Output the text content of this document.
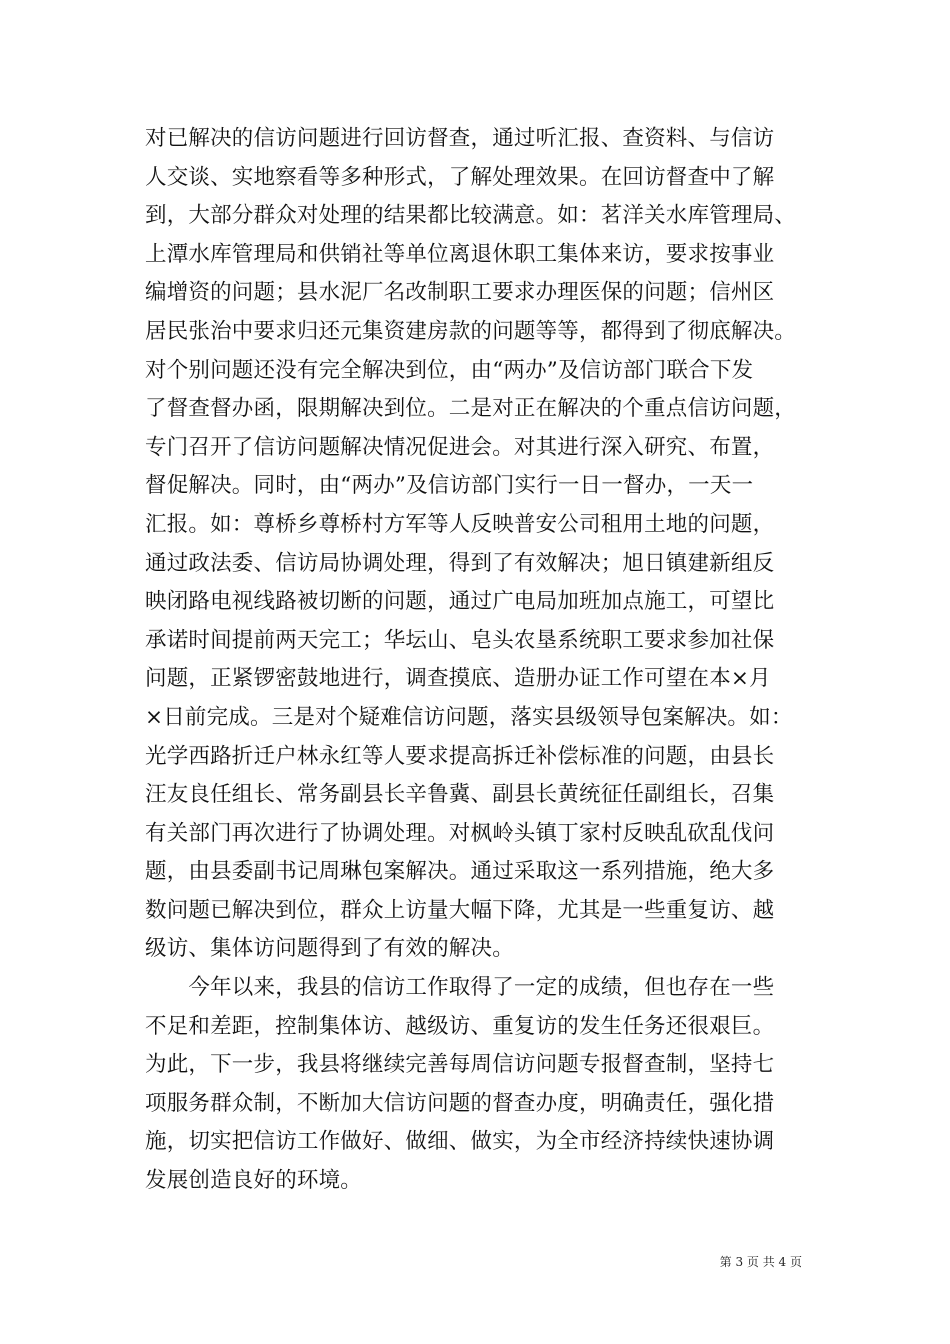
对已解决的信访问题进行回访督查，通过听汇报、查资料、与信访
人交谈、实地察看等多种形式，了解处理效果。在回访督查中了解
到，大部分群众对处理的结果都比较满意。如：茗洋关水库管理局、
上潭水库管理局和供销社等单位离退休职工集体来访，要求按事业
编增资的问题；县水泥厂名改制职工要求办理医保的问题；信州区
居民张治中要求归还元集资建房款的问题等等，都得到了彻底解决。
对个别问题还没有完全解决到位，由“两办”及信访部门联合下发
了督查督办函，限期解决到位。二是对正在解决的个重点信访问题，
专门召开了信访问题解决情况促进会。对其进行深入研究、布置，
督促解决。同时，由“两办”及信访部门实行一日一督办，一天一
汇报。如：尊桥乡尊桥村方军等人反映普安公司租用土地的问题，
通过政法委、信访局协调处理，得到了有效解决；旭日镇建新组反
映闭路电视线路被切断的问题，通过广电局加班加点施工，可望比
承诺时间提前两天完工；华坛山、皂头农垦系统职工要求参加社保
问题，正紧锣密鼓地进行，调查摸底、造册办证工作可望在本×月
×日前完成。三是对个疑难信访问题，落实县级领导包案解决。如：
光学西路折迁户林永红等人要求提高拆迁补偿标准的问题，由县长
汪友良任组长、常务副县长辛鲁冀、副县长黄统征任副组长，召集
有关部门再次进行了协调处理。对枫岭头镇丁家村反映乱砍乱伐问
题，由县委副书记周琳包案解决。通过采取这一系列措施，绝大多
数问题已解决到位，群众上访量大幅下降，尤其是一些重复访、越
级访、集体访问题得到了有效的解决。
　　今年以来，我县的信访工作取得了一定的成绩，但也存在一些
不足和差距，控制集体访、越级访、重复访的发生任务还很艰巨。
为此，下一步，我县将继续完善每周信访问题专报督查制，坚持七
项服务群众制，不断加大信访问题的督查办度，明确责任，强化措
施，切实把信访工作做好、做细、做实，为全市经济持续快速协调
发展创造良好的环境。
第 3 页 共 4 页
